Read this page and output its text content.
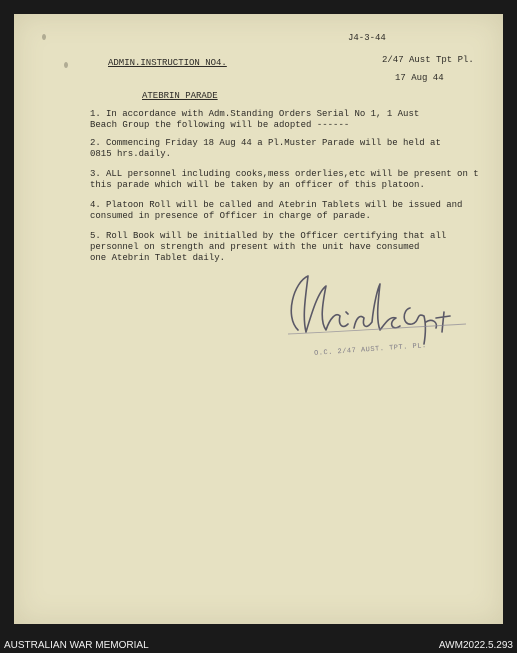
J4-3-44
ADMIN.INSTRUCTION NO4.	2/47 Aust Tpt Pl.
17 Aug 44
ATEBRIN PARADE
1. In accordance with Adm.Standing Orders Serial No 1, 1 Aust
Beach Group the following will be adopted ------
2. Commencing Friday 18 Aug 44 a Pl.Muster Parade will be held at
0815 hrs.daily.
3. ALL personnel including cooks,mess orderlies,etc will be present on t
this parade which will be taken by an officer of this platoon.
4. Platoon Roll will be called and Atebrin Tablets will be issued and
consumed in presence of Officer in charge of parade.
5. Roll Book will be initialled by the Officer certifying that all
personnel on strength and present with the unit have consumed
one Atebrin Tablet daily.
O.C. 2/47 AUST. TPT. PL.
AUSTRALIAN WAR MEMORIAL	AWM2022.5.293
